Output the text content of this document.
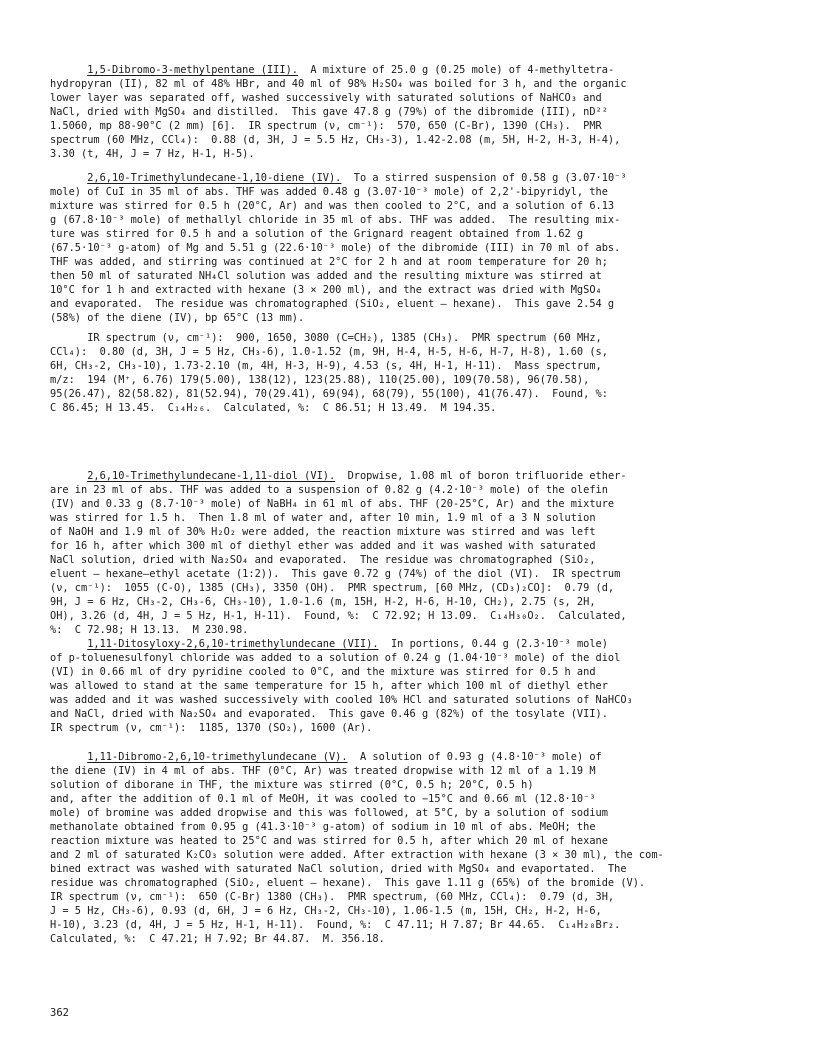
1,5-Dibromo-3-methylpentane (III).  A mixture of 25.0 g (0.25 mole) of 4-methyltetra-
hydropyran (II), 82 ml of 48% HBr, and 40 ml of 98% H₂SO₄ was boiled for 3 h, and the organic
lower layer was separated off, washed successively with saturated solutions of NaHCO₃ and
NaCl, dried with MgSO₄ and distilled.  This gave 47.8 g (79%) of the dibromide (III), nD²²
1.5060, mp 88-90°C (2 mm) [6].  IR spectrum (ν, cm⁻¹):  570, 650 (C-Br), 1390 (CH₃).  PMR
spectrum (60 MHz, CCl₄):  0.88 (d, 3H, J = 5.5 Hz, CH₃-3), 1.42-2.08 (m, 5H, H-2, H-3, H-4),
3.30 (t, 4H, J = 7 Hz, H-1, H-5).
2,6,10-Trimethylundecane-1,10-diene (IV).  To a stirred suspension of 0.58 g (3.07·10⁻³
mole) of CuI in 35 ml of abs. THF was added 0.48 g (3.07·10⁻³ mole) of 2,2'-bipyridyl, the
mixture was stirred for 0.5 h (20°C, Ar) and was then cooled to 2°C, and a solution of 6.13
g (67.8·10⁻³ mole) of methallyl chloride in 35 ml of abs. THF was added.  The resulting mix-
ture was stirred for 0.5 h and a solution of the Grignard reagent obtained from 1.62 g
(67.5·10⁻³ g-atom) of Mg and 5.51 g (22.6·10⁻³ mole) of the dibromide (III) in 70 ml of abs.
THF was added, and stirring was continued at 2°C for 2 h and at room temperature for 20 h;
then 50 ml of saturated NH₄Cl solution was added and the resulting mixture was stirred at
10°C for 1 h and extracted with hexane (3 × 200 ml), and the extract was dried with MgSO₄
and evaporated.  The residue was chromatographed (SiO₂, eluent — hexane).  This gave 2.54 g
(58%) of the diene (IV), bp 65°C (13 mm).
IR spectrum (ν, cm⁻¹):  900, 1650, 3080 (C=CH₂), 1385 (CH₃).  PMR spectrum (60 MHz,
CCl₄):  0.80 (d, 3H, J = 5 Hz, CH₃-6), 1.0-1.52 (m, 9H, H-4, H-5, H-6, H-7, H-8), 1.60 (s,
6H, CH₃-2, CH₃-10), 1.73-2.10 (m, 4H, H-3, H-9), 4.53 (s, 4H, H-1, H-11).  Mass spectrum,
m/z:  194 (M⁺, 6.76) 179(5.00), 138(12), 123(25.88), 110(25.00), 109(70.58), 96(70.58),
95(26.47), 82(58.82), 81(52.94), 70(29.41), 69(94), 68(79), 55(100), 41(76.47).  Found, %:
C 86.45; H 13.45.  C₁₄H₂₆.  Calculated, %:  C 86.51; H 13.49.  M 194.35.
2,6,10-Trimethylundecane-1,11-diol (VI).  Dropwise, 1.08 ml of boron trifluoride ether-
are in 23 ml of abs. THF was added to a suspension of 0.82 g (4.2·10⁻³ mole) of the olefin
(IV) and 0.33 g (8.7·10⁻³ mole) of NaBH₄ in 61 ml of abs. THF (20-25°C, Ar) and the mixture
was stirred for 1.5 h.  Then 1.8 ml of water and, after 10 min, 1.9 ml of a 3 N solution
of NaOH and 1.9 ml of 30% H₂O₂ were added, the reaction mixture was stirred and was left
for 16 h, after which 300 ml of diethyl ether was added and it was washed with saturated
NaCl solution, dried with Na₂SO₄ and evaporated.  The residue was chromatographed (SiO₂,
eluent — hexane—ethyl acetate (1:2)).  This gave 0.72 g (74%) of the diol (VI).  IR spectrum
(ν, cm⁻¹):  1055 (C-O), 1385 (CH₃), 3350 (OH).  PMR spectrum, [60 MHz, (CD₃)₂CO]:  0.79 (d,
9H, J = 6 Hz, CH₃-2, CH₃-6, CH₃-10), 1.0-1.6 (m, 15H, H-2, H-6, H-10, CH₂), 2.75 (s, 2H,
OH), 3.26 (d, 4H, J = 5 Hz, H-1, H-11).  Found, %:  C 72.92; H 13.09.  C₁₄H₃₀O₂.  Calculated,
%:  C 72.98; H 13.13.  M 230.98.
1,11-Ditosyloxy-2,6,10-trimethylundecane (VII).  In portions, 0.44 g (2.3·10⁻³ mole)
of p-toluenesulfonyl chloride was added to a solution of 0.24 g (1.04·10⁻³ mole) of the diol
(VI) in 0.66 ml of dry pyridine cooled to 0°C, and the mixture was stirred for 0.5 h and
was allowed to stand at the same temperature for 15 h, after which 100 ml of diethyl ether
was added and it was washed successively with cooled 10% HCl and saturated solutions of NaHCO₃
and NaCl, dried with Na₂SO₄ and evaporated.  This gave 0.46 g (82%) of the tosylate (VII).
IR spectrum (ν, cm⁻¹):  1185, 1370 (SO₂), 1600 (Ar).
1,11-Dibromo-2,6,10-trimethylundecane (V).  A solution of 0.93 g (4.8·10⁻³ mole) of
the diene (IV) in 4 ml of abs. THF (0°C, Ar) was treated dropwise with 12 ml of a 1.19 M
solution of diborane in THF, the mixture was stirred (0°C, 0.5 h; 20°C, 0.5 h)
and, after the addition of 0.1 ml of MeOH, it was cooled to −15°C and 0.66 ml (12.8·10⁻³
mole) of bromine was added dropwise and this was followed, at 5°C, by a solution of sodium
methanolate obtained from 0.95 g (41.3·10⁻³ g-atom) of sodium in 10 ml of abs. MeOH; the
reaction mixture was heated to 25°C and was stirred for 0.5 h, after which 20 ml of hexane
and 2 ml of saturated K₂CO₃ solution were added. After extraction with hexane (3 × 30 ml), the com-
bined extract was washed with saturated NaCl solution, dried with MgSO₄ and evaportated.  The
residue was chromatographed (SiO₂, eluent — hexane).  This gave 1.11 g (65%) of the bromide (V).
IR spectrum (ν, cm⁻¹):  650 (C-Br) 1380 (CH₃).  PMR spectrum, (60 MHz, CCl₄):  0.79 (d, 3H,
J = 5 Hz, CH₃-6), 0.93 (d, 6H, J = 6 Hz, CH₃-2, CH₃-10), 1.06-1.5 (m, 15H, CH₂, H-2, H-6,
H-10), 3.23 (d, 4H, J = 5 Hz, H-1, H-11).  Found, %:  C 47.11; H 7.87; Br 44.65.  C₁₄H₂₈Br₂.
Calculated, %:  C 47.21; H 7.92; Br 44.87.  M. 356.18.
362
